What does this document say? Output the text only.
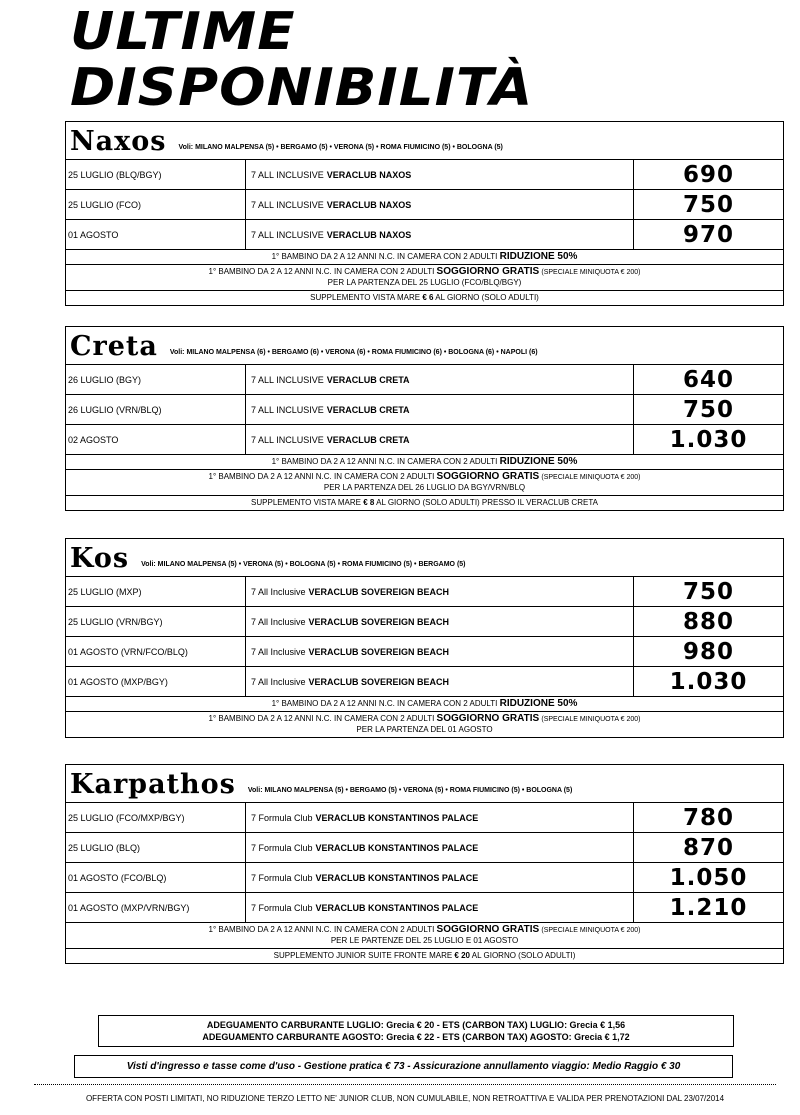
ULTIME
DISPONIBILITÀ
Naxos Voli: MILANO MALPENSA (5) • BERGAMO (5) • VERONA (5) • ROMA FIUMICINO (5) • BOLOGNA (5)
25 LUGLIO (BLQ/BGY)	7 ALL INCLUSIVE VERACLUB NAXOS	690
25 LUGLIO (FCO)	7 ALL INCLUSIVE VERACLUB NAXOS	750
01 AGOSTO	7 ALL INCLUSIVE VERACLUB NAXOS	970
1° BAMBINO DA 2 A 12 ANNI N.C. IN CAMERA CON 2 ADULTI RIDUZIONE 50%
1° BAMBINO DA 2 A 12 ANNI N.C. IN CAMERA CON 2 ADULTI SOGGIORNO GRATIS (SPECIALE MINIQUOTA € 200)
PER LA PARTENZA DEL 25 LUGLIO (FCO/BLQ/BGY)
SUPPLEMENTO VISTA MARE € 6 AL GIORNO (SOLO ADULTI)
Creta Voli: MILANO MALPENSA (6) • BERGAMO (6) • VERONA (6) • ROMA FIUMICINO (6) • BOLOGNA (6) • NAPOLI (6)
26 LUGLIO (BGY)	7 ALL INCLUSIVE VERACLUB CRETA	640
26 LUGLIO (VRN/BLQ)	7 ALL INCLUSIVE VERACLUB CRETA	750
02 AGOSTO	7 ALL INCLUSIVE VERACLUB CRETA	1.030
1° BAMBINO DA 2 A 12 ANNI N.C. IN CAMERA CON 2 ADULTI RIDUZIONE 50%
1° BAMBINO DA 2 A 12 ANNI N.C. IN CAMERA CON 2 ADULTI SOGGIORNO GRATIS (SPECIALE MINIQUOTA € 200)
PER LA PARTENZA DEL 26 LUGLIO DA BGY/VRN/BLQ
SUPPLEMENTO VISTA MARE € 8 AL GIORNO (SOLO ADULTI) PRESSO IL VERACLUB CRETA
Kos Voli: MILANO MALPENSA (5) • VERONA (5) • BOLOGNA (5) • ROMA FIUMICINO (5) • BERGAMO (5)
25 LUGLIO (MXP)	7 All Inclusive VERACLUB SOVEREIGN BEACH	750
25 LUGLIO (VRN/BGY)	7 All Inclusive VERACLUB SOVEREIGN BEACH	880
01 AGOSTO (VRN/FCO/BLQ)	7 All Inclusive VERACLUB SOVEREIGN BEACH	980
01 AGOSTO (MXP/BGY)	7 All Inclusive VERACLUB SOVEREIGN BEACH	1.030
1° BAMBINO DA 2 A 12 ANNI N.C. IN CAMERA CON 2 ADULTI RIDUZIONE 50%
1° BAMBINO DA 2 A 12 ANNI N.C. IN CAMERA CON 2 ADULTI SOGGIORNO GRATIS (SPECIALE MINIQUOTA € 200)
PER LA PARTENZA DEL 01 AGOSTO
Karpathos Voli: MILANO MALPENSA (5) • BERGAMO (5) • VERONA (5) • ROMA FIUMICINO (5) • BOLOGNA (5)
25 LUGLIO (FCO/MXP/BGY)	7 Formula Club VERACLUB KONSTANTINOS PALACE	780
25 LUGLIO (BLQ)	7 Formula Club VERACLUB KONSTANTINOS PALACE	870
01 AGOSTO (FCO/BLQ)	7 Formula Club VERACLUB KONSTANTINOS PALACE	1.050
01 AGOSTO (MXP/VRN/BGY)	7 Formula Club VERACLUB KONSTANTINOS PALACE	1.210
1° BAMBINO DA 2 A 12 ANNI N.C. IN CAMERA CON 2 ADULTI SOGGIORNO GRATIS (SPECIALE MINIQUOTA € 200)
PER LE PARTENZE DEL 25 LUGLIO E 01 AGOSTO
SUPPLEMENTO JUNIOR SUITE FRONTE MARE € 20 AL GIORNO (SOLO ADULTI)
ADEGUAMENTO CARBURANTE LUGLIO: Grecia € 20 - ETS (CARBON TAX) LUGLIO: Grecia € 1,56
ADEGUAMENTO CARBURANTE AGOSTO: Grecia € 22 - ETS (CARBON TAX) AGOSTO: Grecia € 1,72
Visti d'ingresso e tasse come d'uso - Gestione pratica € 73 - Assicurazione annullamento viaggio: Medio Raggio € 30
OFFERTA CON POSTI LIMITATI, NO RIDUZIONE TERZO LETTO NE' JUNIOR CLUB, NON CUMULABILE, NON RETROATTIVA E VALIDA PER PRENOTAZIONI DAL 23/07/2014
